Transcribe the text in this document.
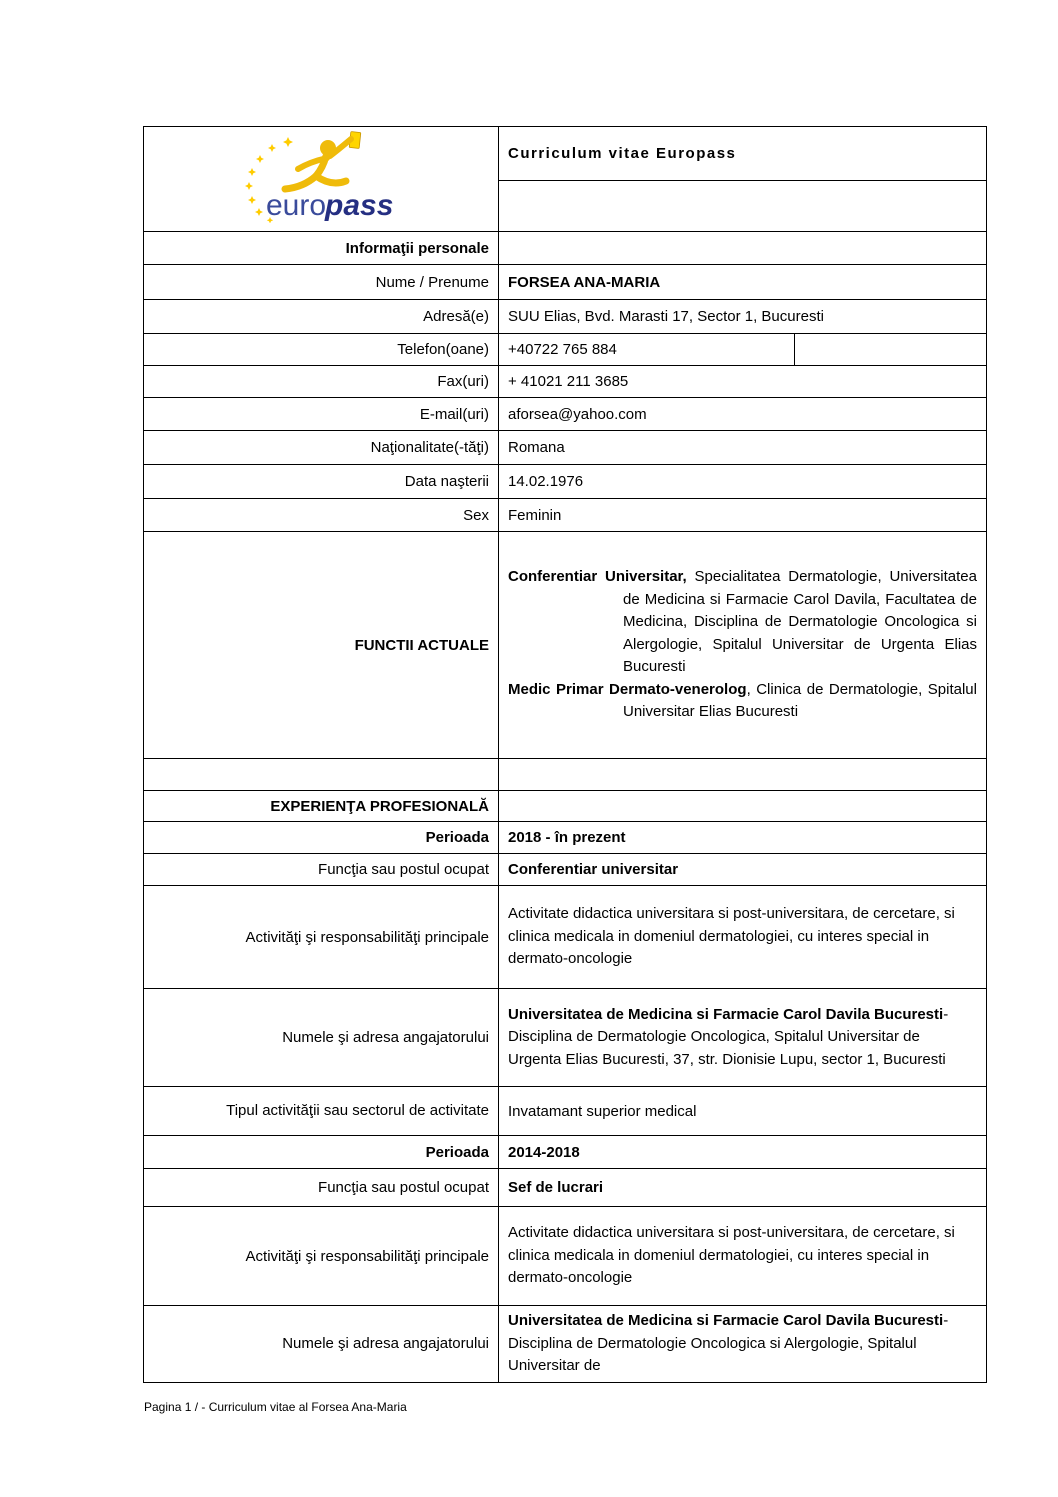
euro
pass	Curriculum vitae Europass	

Informaţii personale		
Nume / Prenume	FORSEA ANA-MARIA	
Adresă(e)	SUU Elias, Bvd. Marasti 17, Sector 1, Bucuresti	
Telefon(oane)	+40722 765 884	
Fax(uri)	+ 41021 211 3685	
E-mail(uri)	aforsea@yahoo.com	
Naţionalitate(-tăţi)	Romana	
Data naşterii	14.02.1976	
Sex	Feminin	
FUNCTII ACTUALE	Conferentiar Universitar, Specialitatea Dermatologie, Universitatea de Medicina si Farmacie Carol Davila, Facultatea de Medicina, Disciplina de Dermatologie Oncologica si Alergologie, Spitalul Universitar de Urgenta Elias Bucuresti

Medic Primar Dermato-venerolog, Clinica de Dermatologie, Spitalul Universitar Elias Bucuresti	

EXPERIENŢA PROFESIONALĂ		
Perioada	2018 - în prezent	
Funcţia sau postul ocupat	Conferentiar universitar	
Activităţi şi responsabilităţi principale	Activitate didactica universitara si post-universitara, de cercetare, si clinica medicala in domeniul dermatologiei, cu interes special in dermato-oncologie	
Numele şi adresa angajatorului	Universitatea de Medicina si Farmacie Carol Davila Bucuresti- Disciplina de Dermatologie Oncologica, Spitalul Universitar de Urgenta Elias Bucuresti, 37, str. Dionisie Lupu, sector 1, Bucuresti	
Tipul activităţii sau sectorul de activitate	Invatamant superior medical	
Perioada	2014-2018	
Funcţia sau postul ocupat	Sef de lucrari	
Activităţi şi responsabilităţi principale	Activitate didactica universitara si post-universitara, de cercetare, si clinica medicala in domeniul dermatologiei, cu interes special in dermato-oncologie	
Numele şi adresa angajatorului	Universitatea de Medicina si Farmacie Carol Davila Bucuresti- Disciplina de Dermatologie Oncologica si Alergologie, Spitalul Universitar de	
Pagina 1 / - Curriculum vitae al Forsea Ana-Maria
